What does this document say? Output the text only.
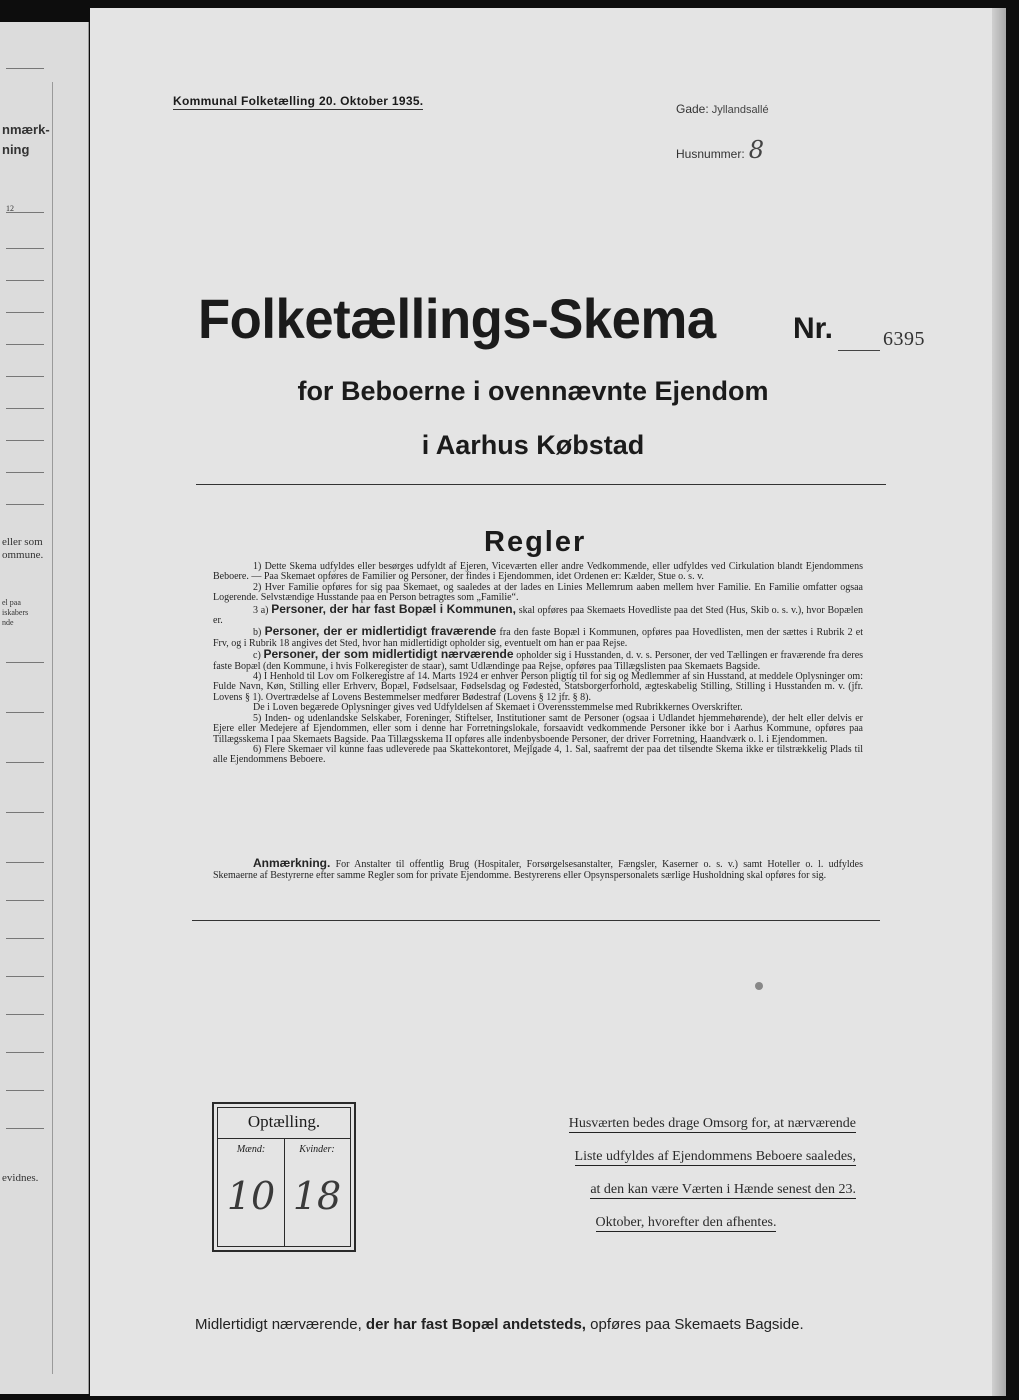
nmærk-
ning
12
eller som
ommune.
el paa
iskabers
nde
evidnes.
Kommunal Folketælling 20. Oktober 1935.
Gade: Jyllandsallé
Husnummer: 8
Folketællings-Skema	Nr. 6395
for Beboerne i ovennævnte Ejendom
i Aarhus Købstad
Regler

1) Dette Skema udfyldes eller besørges udfyldt af Ejeren, Viceværten eller andre Vedkommende, eller udfyldes ved Cirkulation blandt Ejendommens Beboere. — Paa Skemaet opføres de Familier og Personer, der findes i Ejendommen, idet Ordenen er: Kælder, Stue o. s. v.

2) Hver Familie opføres for sig paa Skemaet, og saaledes at der lades en Linies Mellemrum aaben mellem hver Familie. En Familie omfatter ogsaa Logerende. Selvstændige Husstande paa en Person betragtes som „Familie“.

3 a) Personer, der har fast Bopæl i Kommunen, skal opføres paa Skemaets Hovedliste paa det Sted (Hus, Skib o. s. v.), hvor Bopælen er.

b) Personer, der er midlertidigt fraværende fra den faste Bopæl i Kommunen, opføres paa Hovedlisten, men der sættes i Rubrik 2 et Frv, og i Rubrik 18 angives det Sted, hvor han midlertidigt opholder sig, eventuelt om han er paa Rejse.

c) Personer, der som midlertidigt nærværende opholder sig i Husstanden, d. v. s. Personer, der ved Tællingen er fraværende fra deres faste Bopæl (den Kommune, i hvis Folkeregister de staar), samt Udlændinge paa Rejse, opføres paa Tillægslisten paa Skemaets Bagside.

4) I Henhold til Lov om Folkeregistre af 14. Marts 1924 er enhver Person pligtig til for sig og Medlemmer af sin Husstand, at meddele Oplysninger om: Fulde Navn, Køn, Stilling eller Erhverv, Bopæl, Fødselsaar, Fødselsdag og Fødested, Statsborgerforhold, ægteskabelig Stilling, Stilling i Husstanden m. v. (jfr. Lovens § 1). Overtrædelse af Lovens Bestemmelser medfører Bødestraf (Lovens § 12 jfr. § 8).

De i Loven begærede Oplysninger gives ved Udfyldelsen af Skemaet i Overensstemmelse med Rubrikkernes Overskrifter.

5) Inden- og udenlandske Selskaber, Foreninger, Stiftelser, Institutioner samt de Personer (ogsaa i Udlandet hjemmehørende), der helt eller delvis er Ejere eller Medejere af Ejendommen, eller som i denne har Forretningslokale, forsaavidt vedkommende Personer ikke bor i Aarhus Kommune, opføres paa Tillægsskema I paa Skemaets Bagside. Paa Tillægsskema II opføres alle indenbysboende Personer, der driver Forretning, Haandværk o. l. i Ejendommen.

6) Flere Skemaer vil kunne faas udleverede paa Skattekontoret, Mejlgade 4, 1. Sal, saafremt der paa det tilsendte Skema ikke er tilstrækkelig Plads til alle Ejendommens Beboere.

Anmærkning. For Anstalter til offentlig Brug (Hospitaler, Forsørgelsesanstalter, Fængsler, Kaserner o. s. v.) samt Hoteller o. l. udfyldes Skemaerne af Bestyrerne efter samme Regler som for private Ejendomme. Bestyrerens eller Opsynspersonalets særlige Husholdning skal opføres for sig.
Optælling.
Mænd:	Kvinder:
10 18
Husværten bedes drage Omsorg for, at nærværende
Liste udfyldes af Ejendommens Beboere saaledes,
at den kan være Værten i Hænde senest den 23.
Oktober, hvorefter den afhentes.
Midlertidigt nærværende, der har fast Bopæl andetsteds, opføres paa Skemaets Bagside.
